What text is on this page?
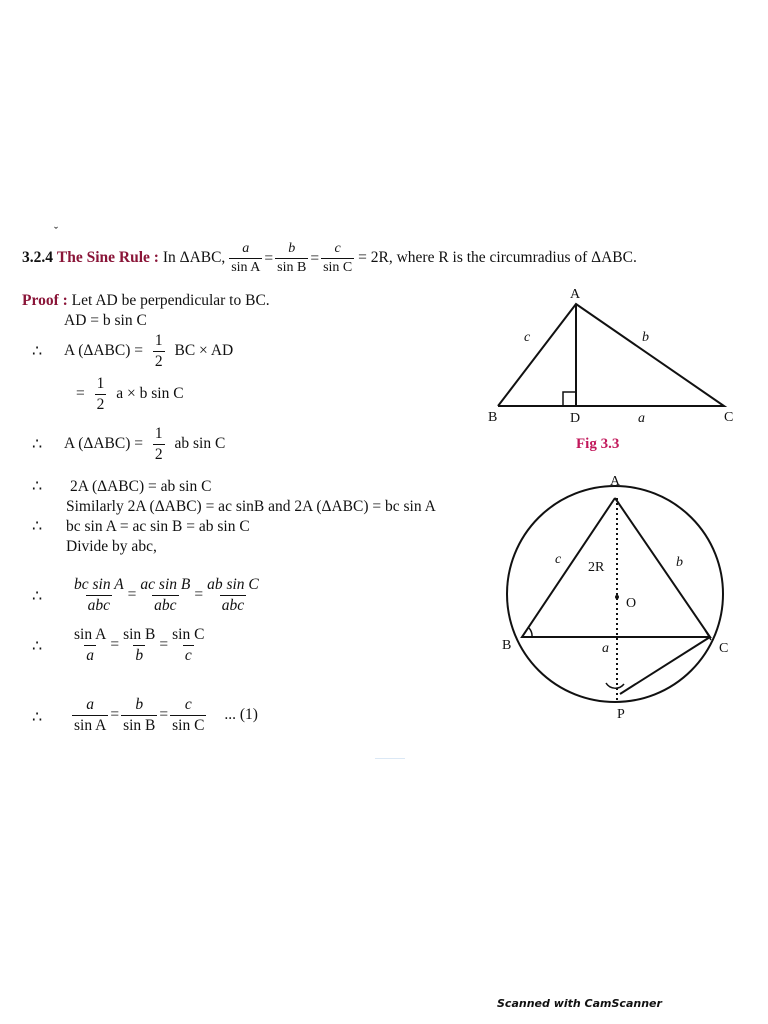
ˇ
3.2.4 The Sine Rule : In ΔABC, $\frac{a}{\text{sin A}} = \frac{b}{\text{sin B}} = \frac{c}{\text{sin C}} = 2R$, where R is the circumradius of ΔABC.
Proof : Let AD be perpendicular to BC.
AD = b sin C
∴ A $(\Delta ABC) = \frac{1}{2}$ BC × AD
= $\frac{1}{2}$ a × b sin C
∴ A $(\Delta ABC) = \frac{1}{2}$ ab sin C
∴ 2A (ΔABC) = ab sin C
Similarly 2A (ΔABC) = ac sinB and 2A (ΔABC) = bc sin A
∴ bc sin A = ac sin B = ab sin C
Divide by abc,
∴ $\frac{\text{bc sin A}}{\text{abc}} = \frac{\text{ac sin B}}{\text{abc}} = \frac{\text{ab sin C}}{\text{abc}}$
∴ $\frac{\text{sin A}}{a} = \frac{\text{sin B}}{b} = \frac{\text{sin C}}{c}$
∴ $\frac{a}{\text{sin A}} = \frac{b}{\text{sin B}} = \frac{c}{\text{sin C}}$ ... (1)
A
B	C
D	a
b
c
Fig 3.3
A
B	C
P
O
2R
a
b
c
Scanned with CamScanner
